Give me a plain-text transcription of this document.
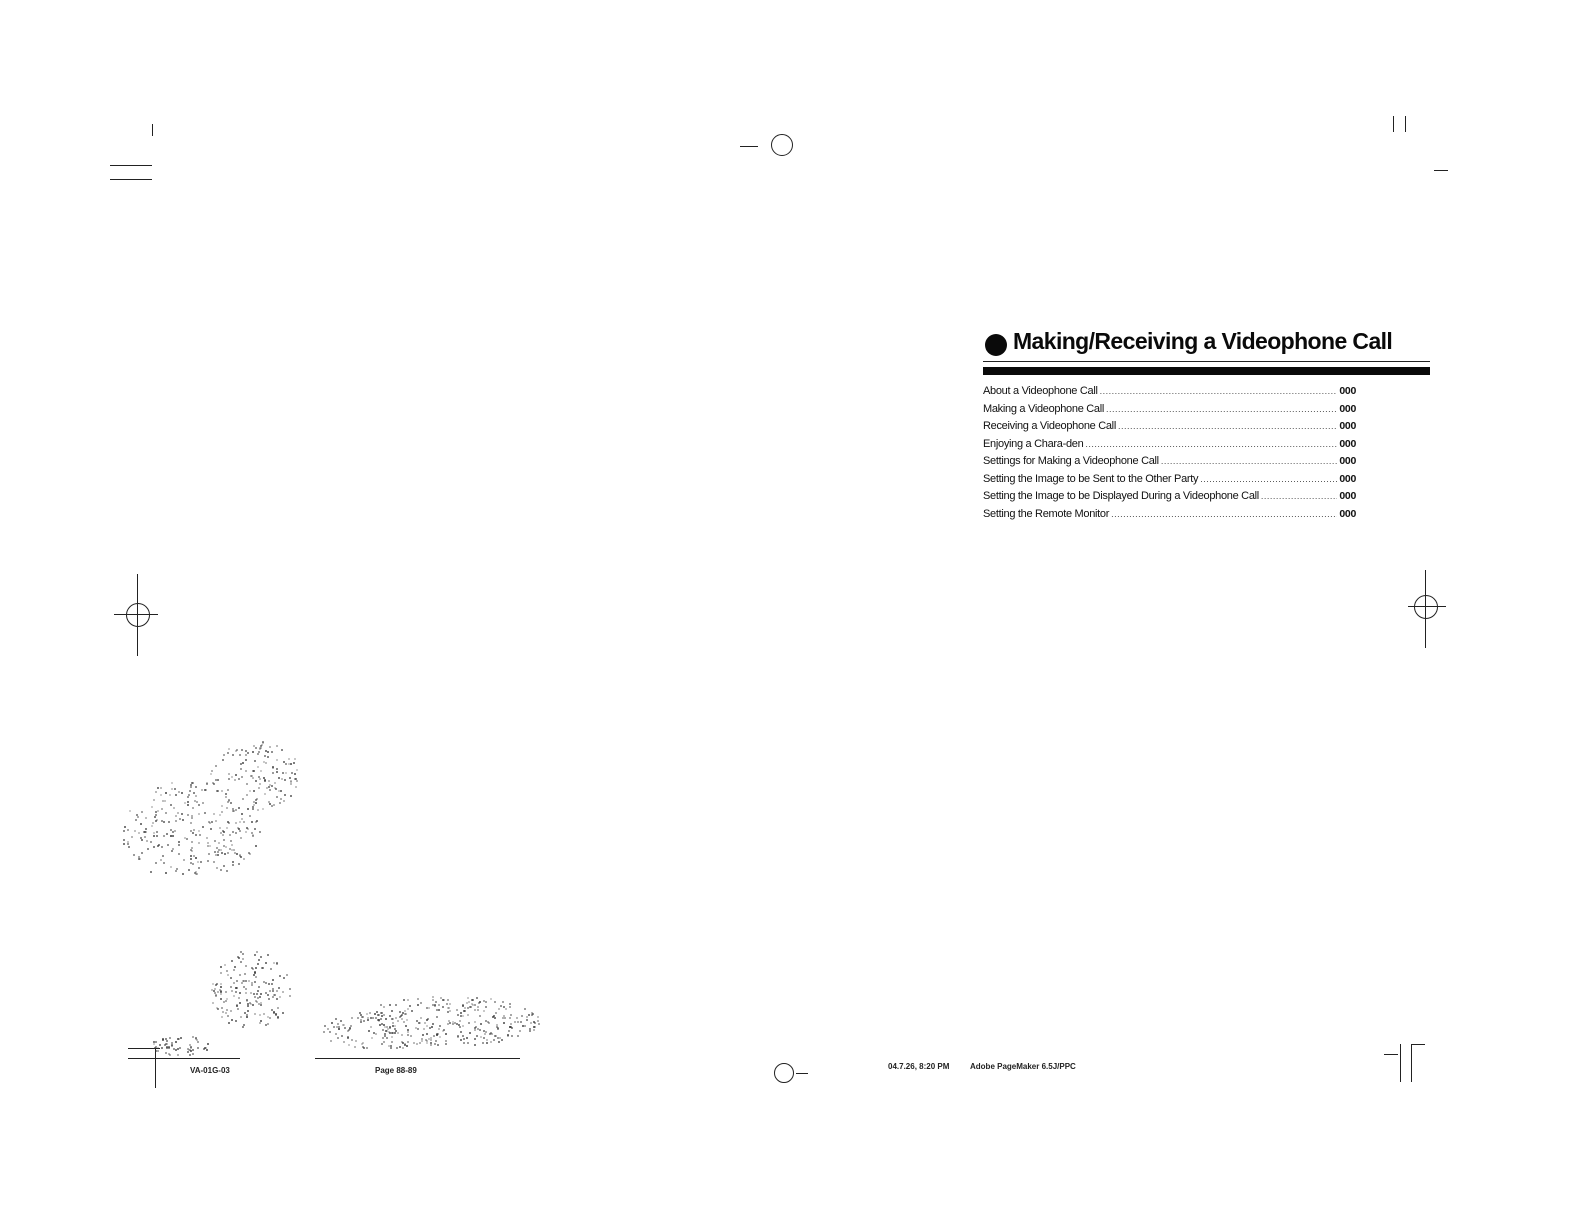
Making/Receiving a Videophone Call
About a Videophone Call .....	000
Making a Videophone Call .....	000
Receiving a Videophone Call .....	000
Enjoying a Chara-den .....	000
Settings for Making a Videophone Call .....	000
Setting the Image to be Sent to the Other Party .....	000
Setting the Image to be Displayed During a Videophone Call .....	000
Setting the Remote Monitor .....	000
VA-01G-03	Page 88-89	04.7.26, 8:20 PM	Adobe PageMaker 6.5J/PPC
